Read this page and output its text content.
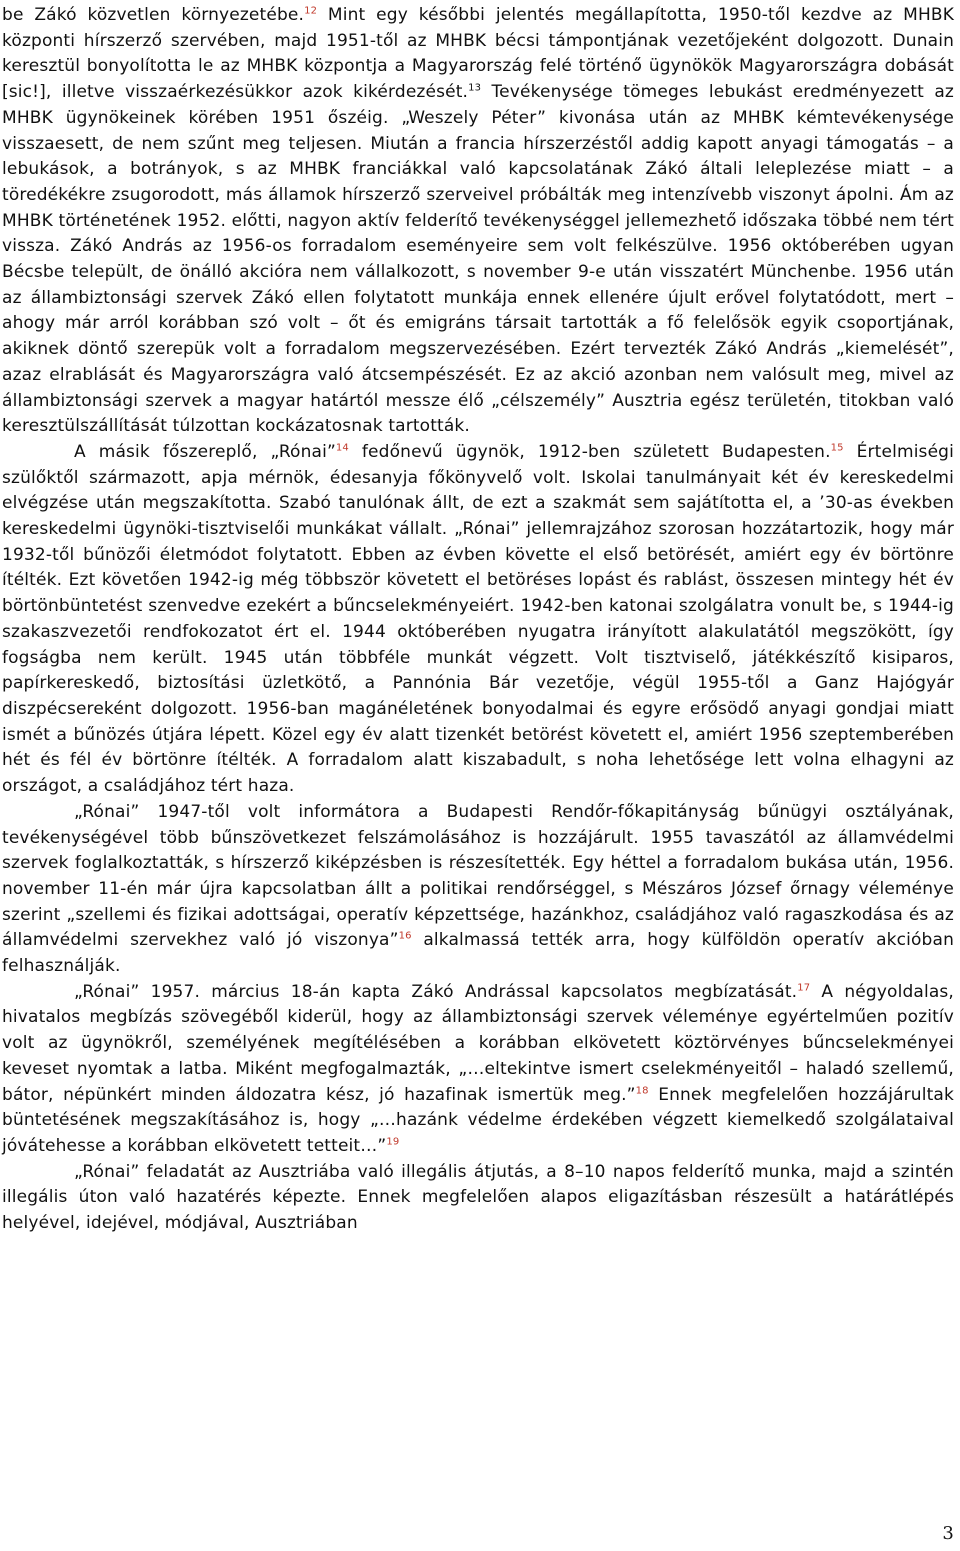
be Zákó közvetlen környezetébe.$^{12}$ Mint egy későbbi jelentés megállapította, 1950-től kezdve az MHBK központi hírszerző szervében, majd 1951-től az MHBK bécsi támpontjának vezetőjeként dolgozott. Dunain keresztül bonyolította le az MHBK központja a Magyarország felé történő ügynökök Magyarországra dobását [sic!], illetve visszaérkezésükkor azok kikérdezését.$^{13}$ Tevékenysége tömeges lebukást eredményezett az MHBK ügynökeinek körében 1951 őszéig. „Weszely Péter” kivonása után az MHBK kémtevékenysége visszaesett, de nem szűnt meg teljesen. Miután a francia hírszerzéstől addig kapott anyagi támogatás – a lebukások, a botrányok, s az MHBK franciákkal való kapcsolatának Zákó általi leleplezése miatt – a töredékékre zsugorodott, más államok hírszerző szerveivel próbálták meg intenzívebb viszonyt ápolni. Ám az MHBK történetének 1952. előtti, nagyon aktív felderítő tevékenységgel jellemezhető időszaka többé nem tért vissza. Zákó András az 1956-os forradalom eseményeire sem volt felkészülve. 1956 októberében ugyan Bécsbe települt, de önálló akcióra nem vállalkozott, s november 9-e után visszatért Münchenbe. 1956 után az állambiztonsági szervek Zákó ellen folytatott munkája ennek ellenére újult erővel folytatódott, mert – ahogy már arról korábban szó volt – őt és emigráns társait tartották a fő felelősök egyik csoportjának, akiknek döntő szerepük volt a forradalom megszervezésében. Ezért tervezték Zákó András „kiemelését”, azaz elrablását és Magyarországra való átcsempészését. Ez az akció azonban nem valósult meg, mivel az állambiztonsági szervek a magyar határtól messze élő „célszemély” Ausztria egész területén, titokban való keresztülszállítását túlzottan kockázatosnak tartották.

A másik főszereplő, „Rónai”$^{14}$ fedőnevű ügynök, 1912-ben született Budapesten.$^{15}$ Értelmiségi szülőktől származott, apja mérnök, édesanyja főkönyvelő volt. Iskolai tanulmányait két év kereskedelmi elvégzése után megszakította. Szabó tanulónak állt, de ezt a szakmát sem sajátította el, a ’30-as években kereskedelmi ügynöki-tisztviselői munkákat vállalt. „Rónai” jellemrajzához szorosan hozzátartozik, hogy már 1932-től bűnözői életmódot folytatott. Ebben az évben követte el első betörését, amiért egy év börtönre ítélték. Ezt követően 1942-ig még többször követett el betöréses lopást és rablást, összesen mintegy hét év börtönbüntetést szenvedve ezekért a bűncselekményeiért. 1942-ben katonai szolgálatra vonult be, s 1944-ig szakaszvezetői rendfokozatot ért el. 1944 októberében nyugatra irányított alakulatától megszökött, így fogságba nem került. 1945 után többféle munkát végzett. Volt tisztviselő, játékkészítő kisiparos, papírkereskedő, biztosítási üzletkötő, a Pannónia Bár vezetője, végül 1955-től a Ganz Hajógyár diszpécsereként dolgozott. 1956-ban magánéletének bonyodalmai és egyre erősödő anyagi gondjai miatt ismét a bűnözés útjára lépett. Közel egy év alatt tizenkét betörést követett el, amiért 1956 szeptemberében hét és fél év börtönre ítélték. A forradalom alatt kiszabadult, s noha lehetősége lett volna elhagyni az országot, a családjához tért haza.

„Rónai” 1947-től volt informátora a Budapesti Rendőr-főkapitányság bűnügyi osztályának, tevékenységével több bűnszövetkezet felszámolásához is hozzájárult. 1955 tavaszától az államvédelmi szervek foglalkoztatták, s hírszerző kiképzésben is részesítették. Egy héttel a forradalom bukása után, 1956. november 11-én már újra kapcsolatban állt a politikai rendőrséggel, s Mészáros József őrnagy véleménye szerint „szellemi és fizikai adottságai, operatív képzettsége, hazánkhoz, családjához való ragaszkodása és az államvédelmi szervekhez való jó viszonya”$^{16}$ alkalmassá tették arra, hogy külföldön operatív akcióban felhasználják.

„Rónai” 1957. március 18-án kapta Zákó Andrással kapcsolatos megbízatását.$^{17}$ A négyoldalas, hivatalos megbízás szövegéből kiderül, hogy az állambiztonsági szervek véleménye egyértelműen pozitív volt az ügynökről, személyének megítélésében a korábban elkövetett köztörvényes bűncselekményei keveset nyomtak a latba. Miként megfogalmazták, „…eltekintve ismert cselekményeitől – haladó szellemű, bátor, népünkért minden áldozatra kész, jó hazafinak ismertük meg.”$^{18}$ Ennek megfelelően hozzájárultak büntetésének megszakításához is, hogy „…hazánk védelme érdekében végzett kiemelkedő szolgálataival jóvátehesse a korábban elkövetett tetteit…”$^{19}$

„Rónai” feladatát az Ausztriába való illegális átjutás, a 8–10 napos felderítő munka, majd a szintén illegális úton való hazatérés képezte. Ennek megfelelően alapos eligazításban részesült a határátlépés helyével, idejével, módjával, Ausztriában

3
